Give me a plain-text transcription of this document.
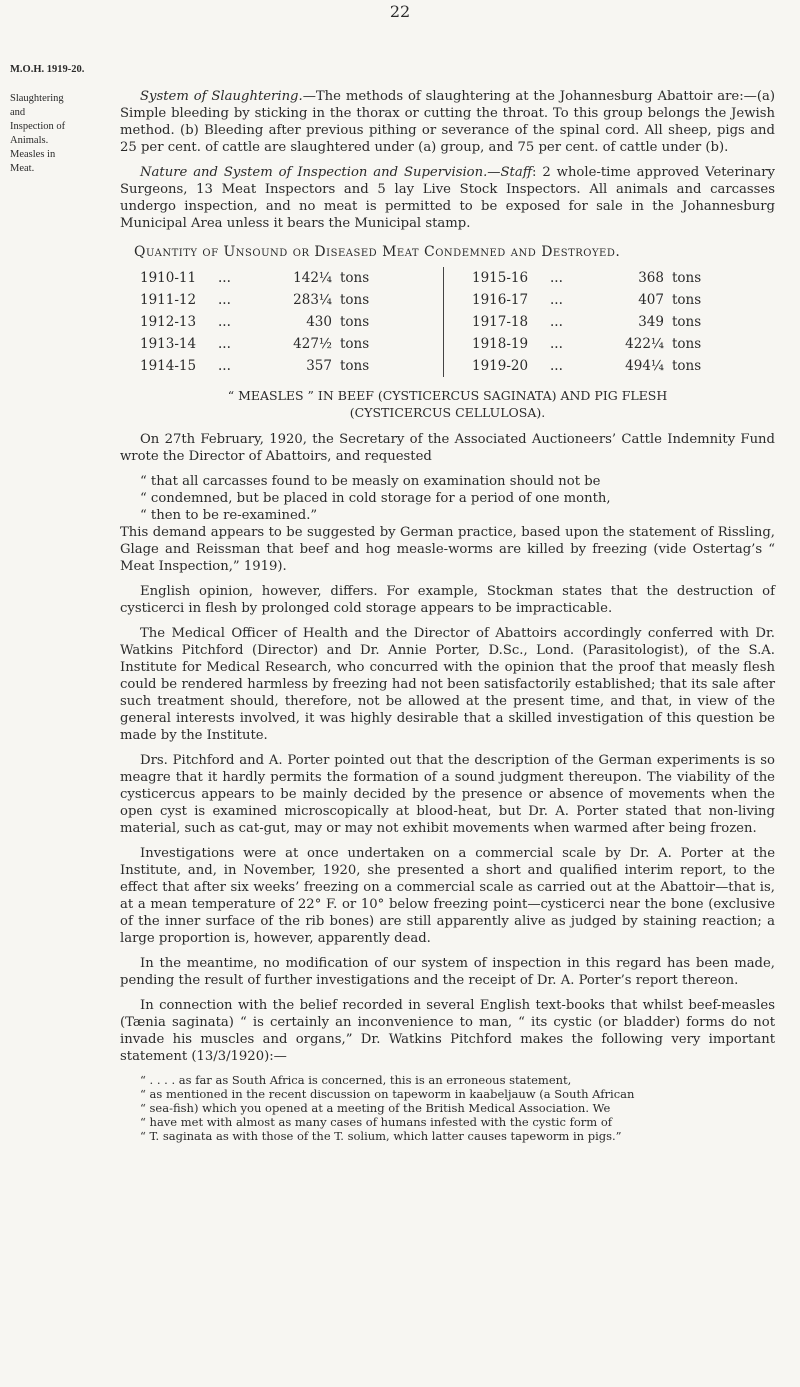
22
M.O.H. 1919-20.
Slaughtering
and
Inspection of
Animals.
Measles in
Meat.

System of Slaughtering.—The methods of slaughtering at the Johannesburg Abattoir are:—(a) Simple bleeding by sticking in the thorax or cutting the throat. To this group belongs the Jewish method. (b) Bleeding after previous pithing or severance of the spinal cord. All sheep, pigs and 25 per cent. of cattle are slaughtered under (a) group, and 75 per cent. of cattle under (b).

Nature and System of Inspection and Supervision.—Staff: 2 whole-time approved Veterinary Surgeons, 13 Meat Inspectors and 5 lay Live Stock Inspectors. All animals and carcasses undergo inspection, and no meat is permitted to be exposed for sale in the Johannesburg Municipal Area unless it bears the Municipal stamp.

Quantity of Unsound or Diseased Meat Condemned and Destroyed.
1910-11	...	142¼ tons
1911-12	...	283¼ tons
1912-13	...	430 tons
1913-14	...	427½ tons
1914-15	...	357 tons
1915-16	...	368 tons
1916-17	...	407 tons
1917-18	...	349 tons
1918-19	...	422¼ tons
1919-20	...	494¼ tons
“ MEASLES ” IN BEEF (CYSTICERCUS SAGINATA) AND PIG FLESH
(CYSTICERCUS CELLULOSA).

On 27th February, 1920, the Secretary of the Associated Auctioneers’ Cattle Indemnity Fund wrote the Director of Abattoirs, and requested

“ that all carcasses found to be measly on examination should not be
“ condemned, but be placed in cold storage for a period of one month,
“ then to be re-examined.”

This demand appears to be suggested by German practice, based upon the statement of Rissling, Glage and Reissman that beef and hog measle-worms are killed by freezing (vide Ostertag’s “ Meat Inspection,” 1919).

English opinion, however, differs. For example, Stockman states that the destruction of cysticerci in flesh by prolonged cold storage appears to be impracticable.

The Medical Officer of Health and the Director of Abattoirs accordingly conferred with Dr. Watkins Pitchford (Director) and Dr. Annie Porter, D.Sc., Lond. (Parasitologist), of the S.A. Institute for Medical Research, who concurred with the opinion that the proof that measly flesh could be rendered harmless by freezing had not been satisfactorily established; that its sale after such treatment should, therefore, not be allowed at the present time, and that, in view of the general interests involved, it was highly desirable that a skilled investigation of this question be made by the Institute.

Drs. Pitchford and A. Porter pointed out that the description of the German experiments is so meagre that it hardly permits the formation of a sound judgment thereupon. The viability of the cysticercus appears to be mainly decided by the presence or absence of movements when the open cyst is examined microscopically at blood-heat, but Dr. A. Porter stated that non-living material, such as cat-gut, may or may not exhibit movements when warmed after being frozen.

Investigations were at once undertaken on a commercial scale by Dr. A. Porter at the Institute, and, in November, 1920, she presented a short and qualified interim report, to the effect that after six weeks’ freezing on a commercial scale as carried out at the Abattoir—that is, at a mean temperature of 22° F. or 10° below freezing point—cysticerci near the bone (exclusive of the inner surface of the rib bones) are still apparently alive as judged by staining reaction; a large proportion is, however, apparently dead.

In the meantime, no modification of our system of inspection in this regard has been made, pending the result of further investigations and the receipt of Dr. A. Porter’s report thereon.

In connection with the belief recorded in several English text-books that whilst beef-measles (Tænia saginata) “ is certainly an inconvenience to man, “ its cystic (or bladder) forms do not invade his muscles and organs,” Dr. Watkins Pitchford makes the following very important statement (13/3/1920):—

“ . . . . as far as South Africa is concerned, this is an erroneous statement,
“ as mentioned in the recent discussion on tapeworm in kaabeljauw (a South African
“ sea-fish) which you opened at a meeting of the British Medical Association. We
“ have met with almost as many cases of humans infested with the cystic form of
“ T. saginata as with those of the T. solium, which latter causes tapeworm in pigs.”
